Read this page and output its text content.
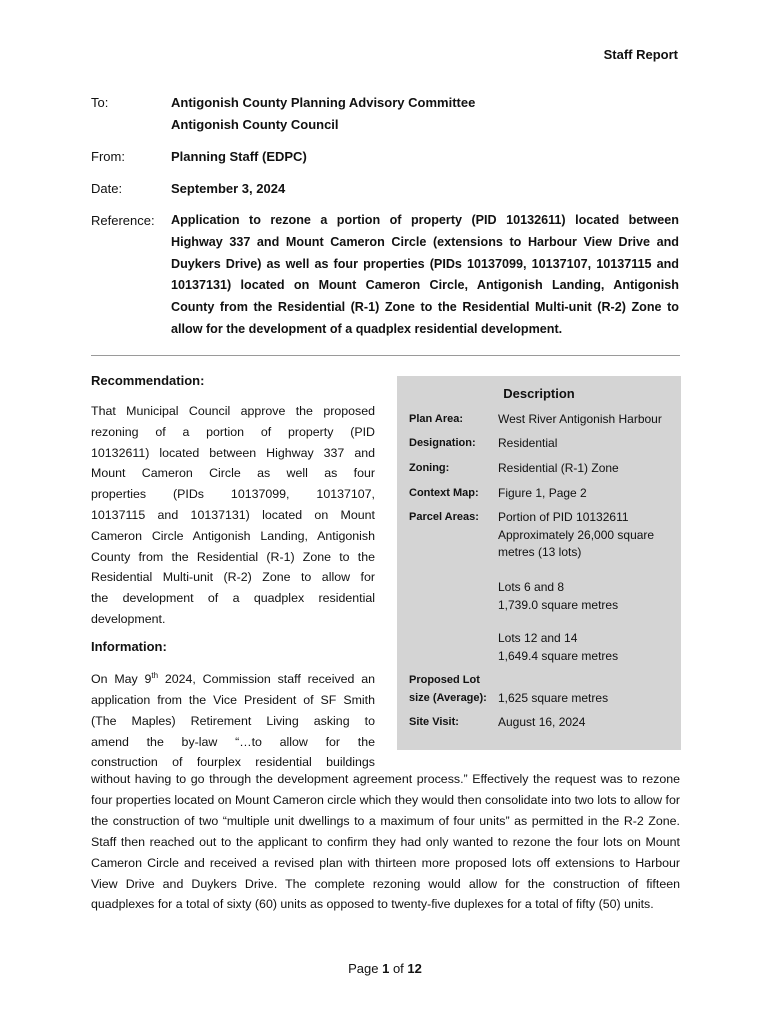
Staff Report
To:	Antigonish County Planning Advisory Committee
Antigonish County Council
From:	Planning Staff (EDPC)
Date:	September 3, 2024
Reference:	Application to rezone a portion of property (PID 10132611) located between
Highway 337 and Mount Cameron Circle (extensions to Harbour View Drive and
Duykers Drive) as well as four properties (PIDs 10137099, 10137107, 10137115 and
10137131) located on Mount Cameron Circle, Antigonish Landing, Antigonish
County from the Residential (R-1) Zone to the Residential Multi-unit (R-2) Zone to
allow for the development of a quadplex residential development.
Recommendation:
That Municipal Council approve the proposed
rezoning of a portion of property (PID
10132611) located between Highway 337 and
Mount Cameron Circle as well as four
properties (PIDs 10137099, 10137107,
10137115 and 10137131) located on Mount
Cameron Circle Antigonish Landing, Antigonish
County from the Residential (R-1) Zone to the
Residential Multi-unit (R-2) Zone to allow for
the development of a quadplex residential
development.
Information:
On May 9th 2024, Commission staff received an
application from the Vice President of SF Smith
(The Maples) Retirement Living asking to
amend the by-law “…to allow for the
construction of fourplex residential buildings

without having to go through the development agreement process.” Effectively the request was to rezone four properties located on Mount Cameron circle which they would then consolidate into two lots to allow for the construction of two “multiple unit dwellings to a maximum of four units” as permitted in the R-2 Zone. Staff then reached out to the applicant to confirm they had only wanted to rezone the four lots on Mount Cameron Circle and received a revised plan with thirteen more proposed lots off extensions to Harbour View Drive and Duykers Drive. The complete rezoning would allow for the construction of fifteen quadplexes for a total of sixty (60) units as opposed to twenty-five duplexes for a total of fifty (50) units.

Description
Plan Area:	West River Antigonish Harbour
Designation:	Residential
Zoning:	Residential (R-1) Zone
Context Map:	Figure 1, Page 2
Parcel Areas:	Portion of PID 10132611
Approximately 26,000 square
metres (13 lots)
Lots 6 and 8
1,739.0 square metres
Lots 12 and 14
1,649.4 square metres
Proposed Lot
size (Average): 1,625 square metres
Site Visit:	August 16, 2024
Page 1 of 12
